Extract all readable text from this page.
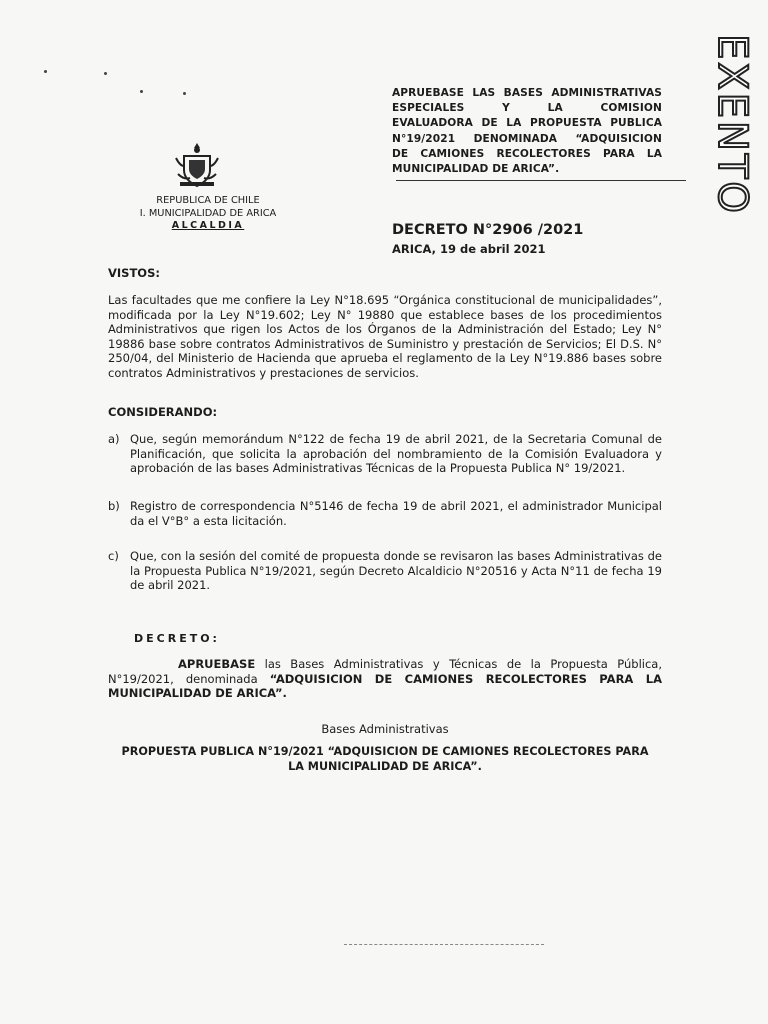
APRUEBASE LAS BASES ADMINISTRATIVAS
ESPECIALES Y LA COMISION
EVALUADORA DE LA PROPUESTA PUBLICA
N°19/2021 DENOMINADA “ADQUISICION
DE CAMIONES RECOLECTORES PARA LA
MUNICIPALIDAD DE ARICA”.	EXENTO
REPUBLICA DE CHILE
I. MUNICIPALIDAD DE ARICA
ALCALDIA	DECRETO N°2906 /2021
ARICA, 19 de abril 2021
VISTOS:
Las facultades que me confiere la Ley N°18.695 “Orgánica constitucional de municipalidades”, modificada por la Ley N°19.602; Ley N° 19880 que establece bases de los procedimientos Administrativos que rigen los Actos de los Órganos de la Administración del Estado; Ley N° 19886 base sobre contratos Administrativos de Suministro y prestación de Servicios; El D.S. N° 250/04, del Ministerio de Hacienda que aprueba el reglamento de la Ley N°19.886 bases sobre contratos Administrativos y prestaciones de servicios.
CONSIDERANDO:
a) Que, según memorándum N°122 de fecha 19 de abril 2021, de la Secretaria Comunal de Planificación, que solicita la aprobación del nombramiento de la Comisión Evaluadora y aprobación de las bases Administrativas Técnicas de la Propuesta Publica N° 19/2021.
b) Registro de correspondencia N°5146 de fecha 19 de abril 2021, el administrador Municipal da el V°B° a esta licitación.
c) Que, con la sesión del comité de propuesta donde se revisaron las bases Administrativas de la Propuesta Publica N°19/2021, según Decreto Alcaldicio N°20516 y Acta N°11 de fecha 19 de abril 2021.
DECRETO:
APRUEBASE las Bases Administrativas y Técnicas de la Propuesta Pública, N°19/2021, denominada “ADQUISICION DE CAMIONES RECOLECTORES PARA LA MUNICIPALIDAD DE ARICA”.
Bases Administrativas
PROPUESTA PUBLICA N°19/2021 “ADQUISICION DE CAMIONES RECOLECTORES PARA
LA MUNICIPALIDAD DE ARICA”.
